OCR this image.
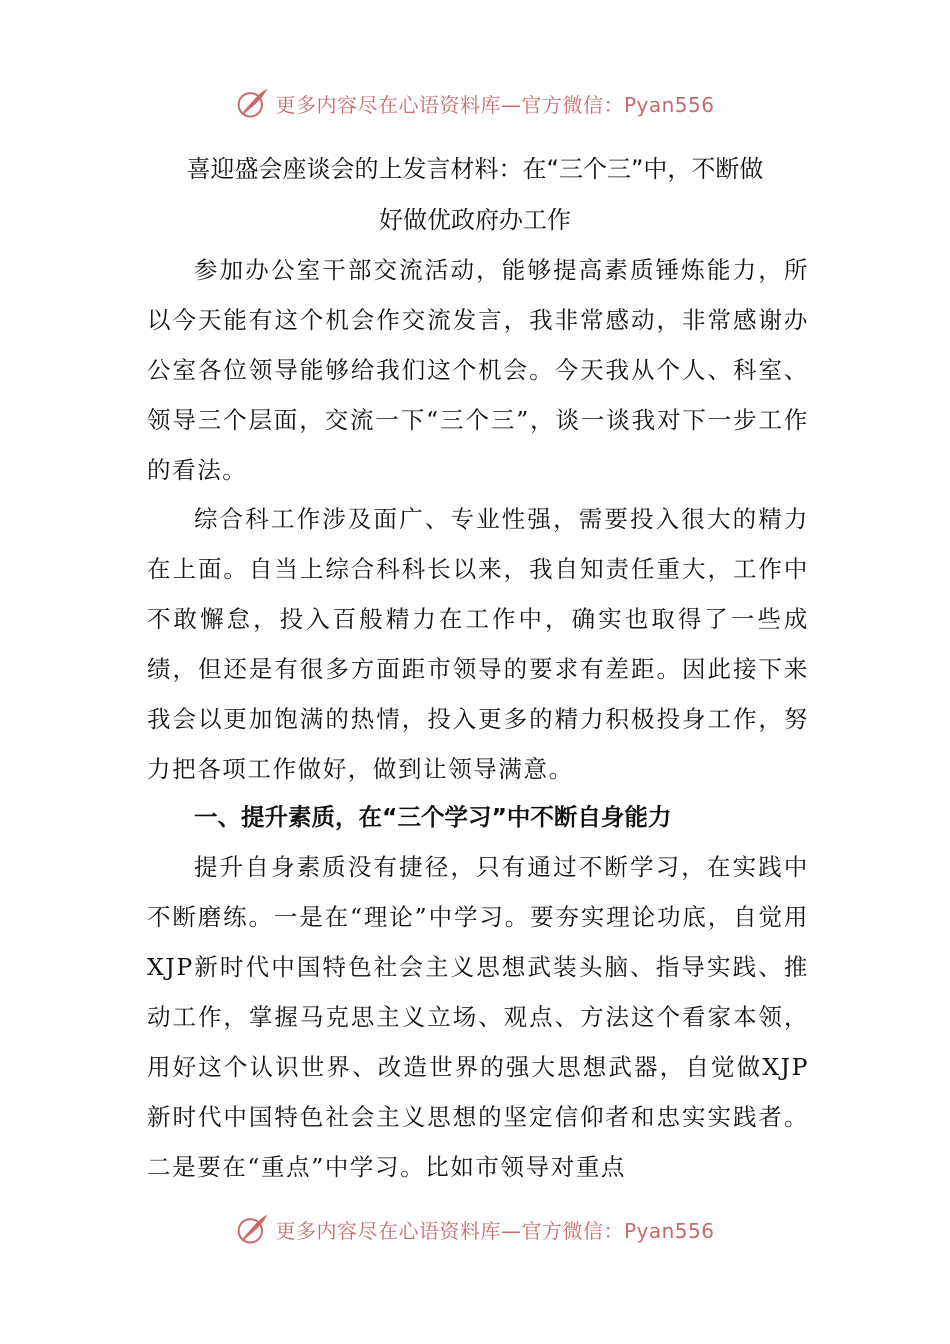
更多内容尽在心语资料库—官方微信：Pyan556
喜迎盛会座谈会的上发言材料：在“三个三”中，不断做
好做优政府办工作
参加办公室干部交流活动，能够提高素质锤炼能力，所以今天能有这个机会作交流发言，我非常感动，非常感谢办公室各位领导能够给我们这个机会。今天我从个人、科室、领导三个层面，交流一下“三个三”，谈一谈我对下一步工作的看法。
综合科工作涉及面广、专业性强，需要投入很大的精力在上面。自当上综合科科长以来，我自知责任重大，工作中不敢懈怠，投入百般精力在工作中，确实也取得了一些成绩，但还是有很多方面距市领导的要求有差距。因此接下来我会以更加饱满的热情，投入更多的精力积极投身工作，努力把各项工作做好，做到让领导满意。
一、提升素质，在“三个学习”中不断自身能力
提升自身素质没有捷径，只有通过不断学习，在实践中不断磨练。一是在“理论”中学习。要夯实理论功底，自觉用XJP新时代中国特色社会主义思想武装头脑、指导实践、推动工作，掌握马克思主义立场、观点、方法这个看家本领，用好这个认识世界、改造世界的强大思想武器，自觉做XJP新时代中国特色社会主义思想的坚定信仰者和忠实实践者。二是要在“重点”中学习。比如市领导对重点
更多内容尽在心语资料库—官方微信：Pyan556
